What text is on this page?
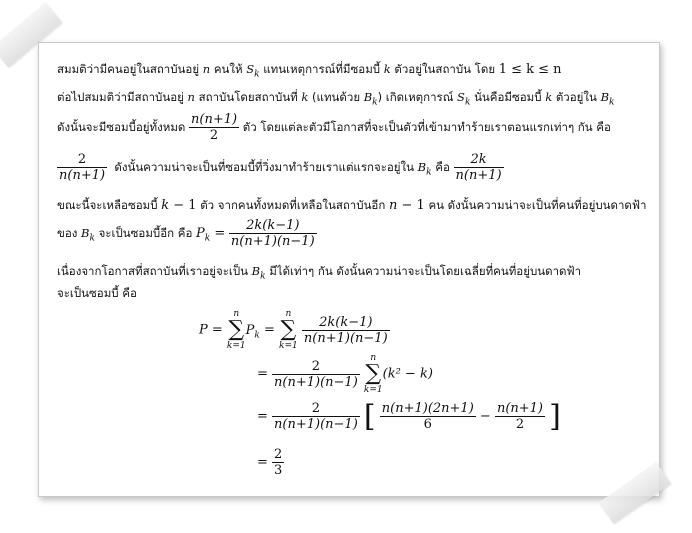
สมมติว่ามีคนอยู่ในสถาบันอยู่ n คนให้ $S_k$ แทนเหตุการณ์ที่มีซอมบี้ k ตัวอยู่ในสถาบัน โดย 1 ≤ k ≤ n
ต่อไปสมมติว่ามีสถาบันอยู่ n สถาบันโดยสถาบันที่ k (แทนด้วย $B_k$) เกิดเหตุการณ์ $S_k$ นั่นคือมีซอมบี้ k ตัวอยู่ใน $B_k$
ดังนั้นจะมีซอมบี้อยู่ทั้งหมด $\frac{n(n+1)}{2}$ ตัว โดยแต่ละตัวมีโอกาสที่จะเป็นตัวที่เข้ามาทำร้ายเราตอนแรกเท่าๆ กัน คือ
$\frac{2}{n(n+1)}$ ดังนั้นความน่าจะเป็นที่ซอมบี้ที่วิ่งมาทำร้ายเราแต่แรกจะอยู่ใน $B_k$ คือ $\frac{2k}{n(n+1)}$
ขณะนี้จะเหลือซอมบี้ k − 1 ตัว จากคนทั้งหมดที่เหลือในสถาบันอีก n − 1 คน ดังนั้นความน่าจะเป็นที่คนที่อยู่บนดาดฟ้า
ของ $B_k$ จะเป็นซอมบี้อีก คือ $P_k = \frac{2k(k-1)}{n(n+1)(n-1)}$
เนื่องจากโอกาสที่สถาบันที่เราอยู่จะเป็น $B_k$ มีได้เท่าๆ กัน ดังนั้นความน่าจะเป็นโดยเฉลี่ยที่คนที่อยู่บนดาดฟ้า
จะเป็นซอมบี้ คือ
P =
n
∑
k=1
$P_k$ =
n
∑
k=1

$\frac{2k(k-1)}{n(n+1)(n-1)}$
= $\frac{2}{n(n+1)(n-1)}$

n
∑
k=1
(k² − k)
= $\frac{2}{n(n+1)(n-1)}$ [ $\frac{n(n+1)(2n+1)}{6} - \frac{n(n+1)}{2}$ ]
= $\frac{2}{3}$
